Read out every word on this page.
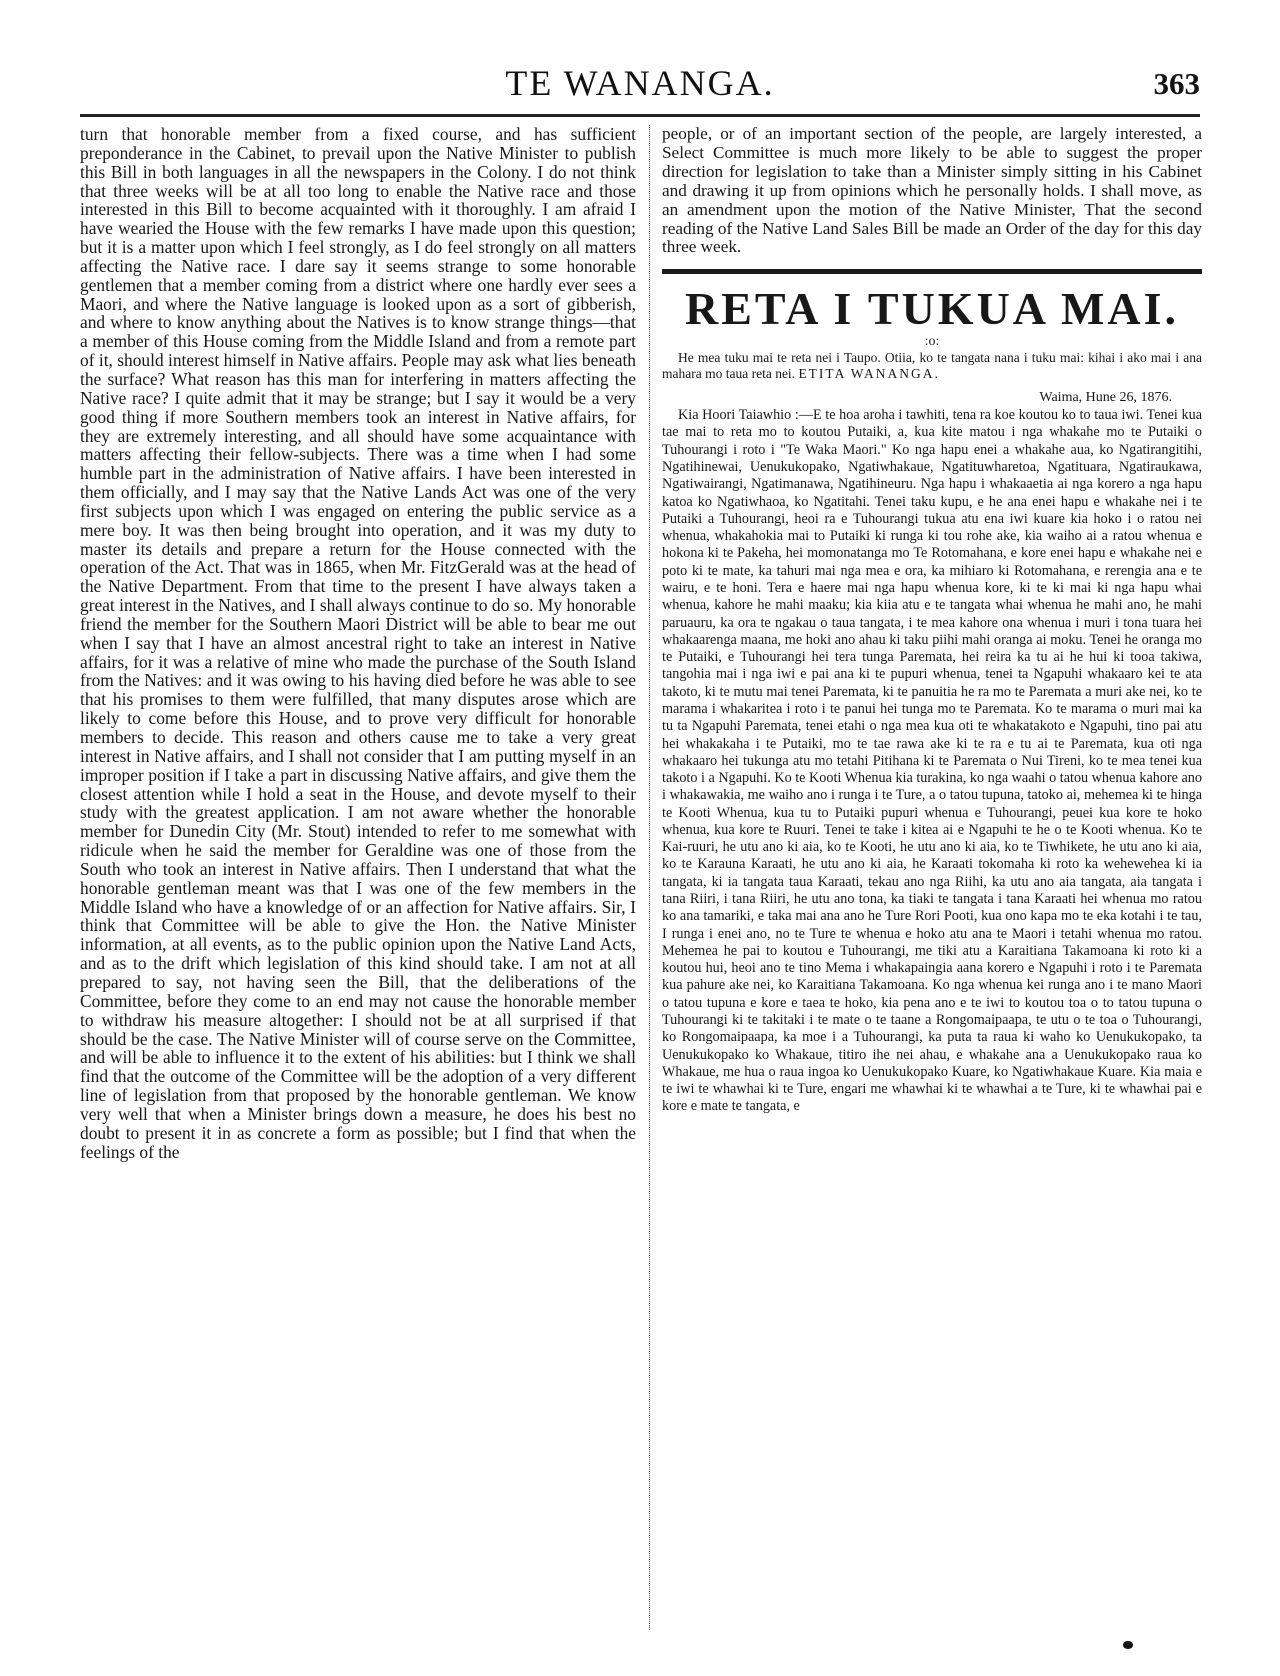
TE WANANGA.	363

turn that honorable member from a fixed course, and has sufficient preponderance in the Cabinet, to prevail upon the Native Minister to publish this Bill in both languages in all the newspapers in the Colony. I do not think that three weeks will be at all too long to enable the Native race and those interested in this Bill to become acquainted with it thoroughly. I am afraid I have wearied the House with the few remarks I have made upon this question; but it is a matter upon which I feel strongly, as I do feel strongly on all matters affecting the Native race. I dare say it seems strange to some honorable gentlemen that a member coming from a district where one hardly ever sees a Maori, and where the Native language is looked upon as a sort of gibberish, and where to know anything about the Natives is to know strange things—that a member of this House coming from the Middle Island and from a remote part of it, should interest himself in Native affairs. People may ask what lies beneath the surface? What reason has this man for interfering in matters affecting the Native race? I quite admit that it may be strange; but I say it would be a very good thing if more Southern members took an interest in Native affairs, for they are extremely interesting, and all should have some acquaintance with matters affecting their fellow-subjects. There was a time when I had some humble part in the administration of Native affairs. I have been interested in them officially, and I may say that the Native Lands Act was one of the very first subjects upon which I was engaged on entering the public service as a mere boy. It was then being brought into operation, and it was my duty to master its details and prepare a return for the House connected with the operation of the Act. That was in 1865, when Mr. FitzGerald was at the head of the Native Department. From that time to the present I have always taken a great interest in the Natives, and I shall always continue to do so. My honorable friend the member for the Southern Maori District will be able to bear me out when I say that I have an almost ancestral right to take an interest in Native affairs, for it was a relative of mine who made the purchase of the South Island from the Natives: and it was owing to his having died before he was able to see that his promises to them were fulfilled, that many disputes arose which are likely to come before this House, and to prove very difficult for honorable members to decide. This reason and others cause me to take a very great interest in Native affairs, and I shall not consider that I am putting myself in an improper position if I take a part in discussing Native affairs, and give them the closest attention while I hold a seat in the House, and devote myself to their study with the greatest application. I am not aware whether the honorable member for Dunedin City (Mr. Stout) intended to refer to me somewhat with ridicule when he said the member for Geraldine was one of those from the South who took an interest in Native affairs. Then I understand that what the honorable gentleman meant was that I was one of the few members in the Middle Island who have a knowledge of or an affection for Native affairs. Sir, I think that Committee will be able to give the Hon. the Native Minister information, at all events, as to the public opinion upon the Native Land Acts, and as to the drift which legislation of this kind should take. I am not at all prepared to say, not having seen the Bill, that the deliberations of the Committee, before they come to an end may not cause the honorable member to withdraw his measure altogether: I should not be at all surprised if that should be the case. The Native Minister will of course serve on the Committee, and will be able to influence it to the extent of his abilities: but I think we shall find that the outcome of the Committee will be the adoption of a very different line of legislation from that proposed by the honorable gentleman. We know very well that when a Minister brings down a measure, he does his best no doubt to present it in as concrete a form as possible; but I find that when the feelings of the

people, or of an important section of the people, are largely interested, a Select Committee is much more likely to be able to suggest the proper direction for legislation to take than a Minister simply sitting in his Cabinet and drawing it up from opinions which he personally holds. I shall move, as an amendment upon the motion of the Native Minister, That the second reading of the Native Land Sales Bill be made an Order of the day for this day three week.

RETA I TUKUA MAI.

:o:

He mea tuku mai te reta nei i Taupo. Otiia, ko te tangata nana i tuku mai: kihai i ako mai i ana mahara mo taua reta nei. ETITA WANANGA.

Waima, Hune 26, 1876.

Kia Hoori Taiawhio :—E te hoa aroha i tawhiti, tena ra koe koutou ko to taua iwi. Tenei kua tae mai to reta mo to koutou Putaiki, a, kua kite matou i nga whakahe mo te Putaiki o Tuhourangi i roto i "Te Waka Maori." Ko nga hapu enei a whakahe aua, ko Ngatirangitihi, Ngatihinewai, Uenukukopako, Ngatiwhakaue, Ngatituwharetoa, Ngatituara, Ngatiraukawa, Ngatiwairangi, Ngatimanawa, Ngatihineuru. Nga hapu i whakaaetia ai nga korero a nga hapu katoa ko Ngatiwhaoa, ko Ngatitahi. Tenei taku kupu, e he ana enei hapu e whakahe nei i te Putaiki a Tuhourangi, heoi ra e Tuhourangi tukua atu ena iwi kuare kia hoko i o ratou nei whenua, whakahokia mai to Putaiki ki runga ki tou rohe ake, kia waiho ai a ratou whenua e hokona ki te Pakeha, hei momonatanga mo Te Rotomahana, e kore enei hapu e whakahe nei e poto ki te mate, ka tahuri mai nga mea e ora, ka mihiaro ki Rotomahana, e rerengia ana e te wairu, e te honi. Tera e haere mai nga hapu whenua kore, ki te ki mai ki nga hapu whai whenua, kahore he mahi maaku; kia kiia atu e te tangata whai whenua he mahi ano, he mahi paruauru, ka ora te ngakau o taua tangata, i te mea kahore ona whenua i muri i tona tuara hei whakaarenga maana, me hoki ano ahau ki taku piihi mahi oranga ai moku. Tenei he oranga mo te Putaiki, e Tuhourangi hei tera tunga Paremata, hei reira ka tu ai he hui ki tooa takiwa, tangohia mai i nga iwi e pai ana ki te pupuri whenua, tenei ta Ngapuhi whakaaro kei te ata takoto, ki te mutu mai tenei Paremata, ki te panuitia he ra mo te Paremata a muri ake nei, ko te marama i whakaritea i roto i te panui hei tunga mo te Paremata. Ko te marama o muri mai ka tu ta Ngapuhi Paremata, tenei etahi o nga mea kua oti te whakatakoto e Ngapuhi, tino pai atu hei whakakaha i te Putaiki, mo te tae rawa ake ki te ra e tu ai te Paremata, kua oti nga whakaaro hei tukunga atu mo tetahi Pitihana ki te Paremata o Nui Tireni, ko te mea tenei kua takoto i a Ngapuhi. Ko te Kooti Whenua kia turakina, ko nga waahi o tatou whenua kahore ano i whakawakia, me waiho ano i runga i te Ture, a o tatou tupuna, tatoko ai, mehemea ki te hinga te Kooti Whenua, kua tu to Putaiki pupuri whenua e Tuhourangi, peuei kua kore te hoko whenua, kua kore te Ruuri. Tenei te take i kitea ai e Ngapuhi te he o te Kooti whenua. Ko te Kai-ruuri, he utu ano ki aia, ko te Kooti, he utu ano ki aia, ko te Tiwhikete, he utu ano ki aia, ko te Karauna Karaati, he utu ano ki aia, he Karaati tokomaha ki roto ka wehewehea ki ia tangata, ki ia tangata taua Karaati, tekau ano nga Riihi, ka utu ano aia tangata, aia tangata i tana Riiri, i tana Riiri, he utu ano tona, ka tiaki te tangata i tana Karaati hei whenua mo ratou ko ana tamariki, e taka mai ana ano he Ture Rori Pooti, kua ono kapa mo te eka kotahi i te tau, I runga i enei ano, no te Ture te whenua e hoko atu ana te Maori i tetahi whenua mo ratou. Mehemea he pai to koutou e Tuhourangi, me tiki atu a Karaitiana Takamoana ki roto ki a koutou hui, heoi ano te tino Mema i whakapaingia aana korero e Ngapuhi i roto i te Paremata kua pahure ake nei, ko Karaitiana Takamoana. Ko nga whenua kei runga ano i te mano Maori o tatou tupuna e kore e taea te hoko, kia pena ano e te iwi to koutou toa o to tatou tupuna o Tuhourangi ki te takitaki i te mate o te taane a Rongomaipaapa, te utu o te toa o Tuhourangi, ko Rongomaipaapa, ka moe i a Tuhourangi, ka puta ta raua ki waho ko Uenukukopako, ta Uenukukopako ko Whakaue, titiro ihe nei ahau, e whakahe ana a Uenukukopako raua ko Whakaue, me hua o raua ingoa ko Uenukukopako Kuare, ko Ngatiwhakaue Kuare. Kia maia e te iwi te whawhai ki te Ture, engari me whawhai ki te whawhai a te Ture, ki te whawhai pai e kore e mate te tangata, e
